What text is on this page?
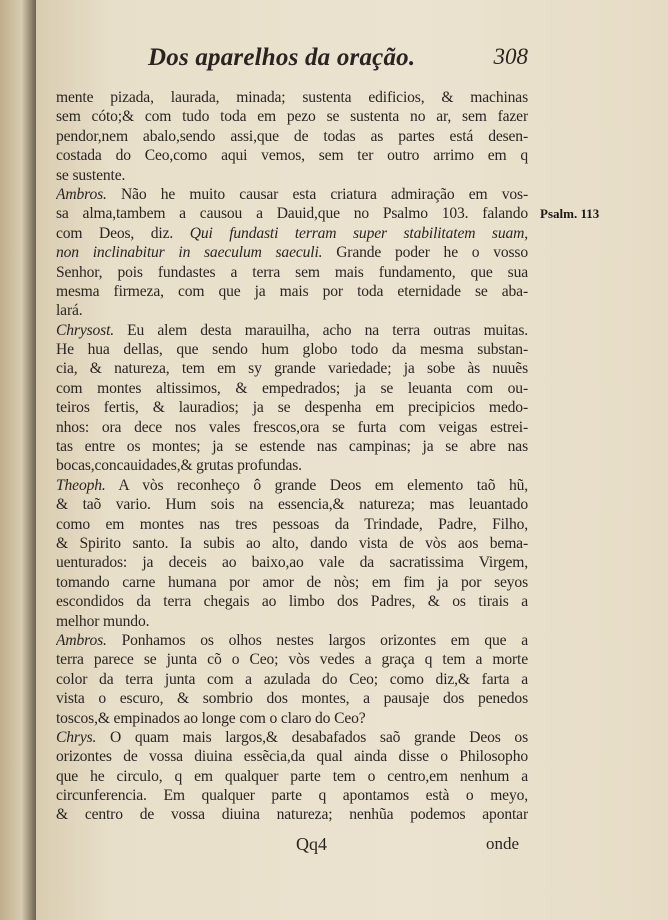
Dos aparelhos da oração.	308
mente pizada, laurada, minada; sustenta edificios, & machinas
sem cóto;& com tudo toda em pezo se sustenta no ar, sem fazer
pendor,nem abalo,sendo assi,que de todas as partes está desen-
costada do Ceo,como aqui vemos, sem ter outro arrimo em q
se sustente.
Ambros. Não he muito causar esta criatura admiração em vos-
sa alma,tambem a causou a Dauid,que no Psalmo 103. falando
com Deos, diz. Qui fundasti terram super stabilitatem suam,
non inclinabitur in saeculum saeculi. Grande poder he o vosso
Senhor, pois fundastes a terra sem mais fundamento, que sua
mesma firmeza, com que ja mais por toda eternidade se aba-
lará.
Chrysost. Eu alem desta marauilha, acho na terra outras muitas.
He hua dellas, que sendo hum globo todo da mesma substan-
cia, & natureza, tem em sy grande variedade; ja sobe às nuuẽs
com montes altissimos, & empedrados; ja se leuanta com ou-
teiros fertis, & lauradios; ja se despenha em precipicios medo-
nhos: ora dece nos vales frescos,ora se furta com veigas estrei-
tas entre os montes; ja se estende nas campinas; ja se abre nas
bocas,concauidades,& grutas profundas.
Theoph. A vòs reconheço ô grande Deos em elemento taõ hũ,
& taõ vario. Hum sois na essencia,& natureza; mas leuantado
como em montes nas tres pessoas da Trindade, Padre, Filho,
& Spirito santo. Ia subis ao alto, dando vista de vòs aos bema-
uenturados: ja deceis ao baixo,ao vale da sacratissima Virgem,
tomando carne humana por amor de nòs; em fim ja por seyos
escondidos da terra chegais ao limbo dos Padres, & os tirais a
melhor mundo.
Ambros. Ponhamos os olhos nestes largos orizontes em que a
terra parece se junta cõ o Ceo; vòs vedes a graça q tem a morte
color da terra junta com a azulada do Ceo; como diz,& farta a
vista o escuro, & sombrio dos montes, a pausaje dos penedos
toscos,& empinados ao longe com o claro do Ceo?
Chrys. O quam mais largos,& desabafados saõ grande Deos os
orizontes de vossa diuina essẽcia,da qual ainda disse o Philosopho
que he circulo, q em qualquer parte tem o centro,em nenhum a
circunferencia. Em qualquer parte q apontamos està o meyo,
& centro de vossa diuina natureza; nenhũa podemos apontar
Psalm. 113
Qq4	onde
